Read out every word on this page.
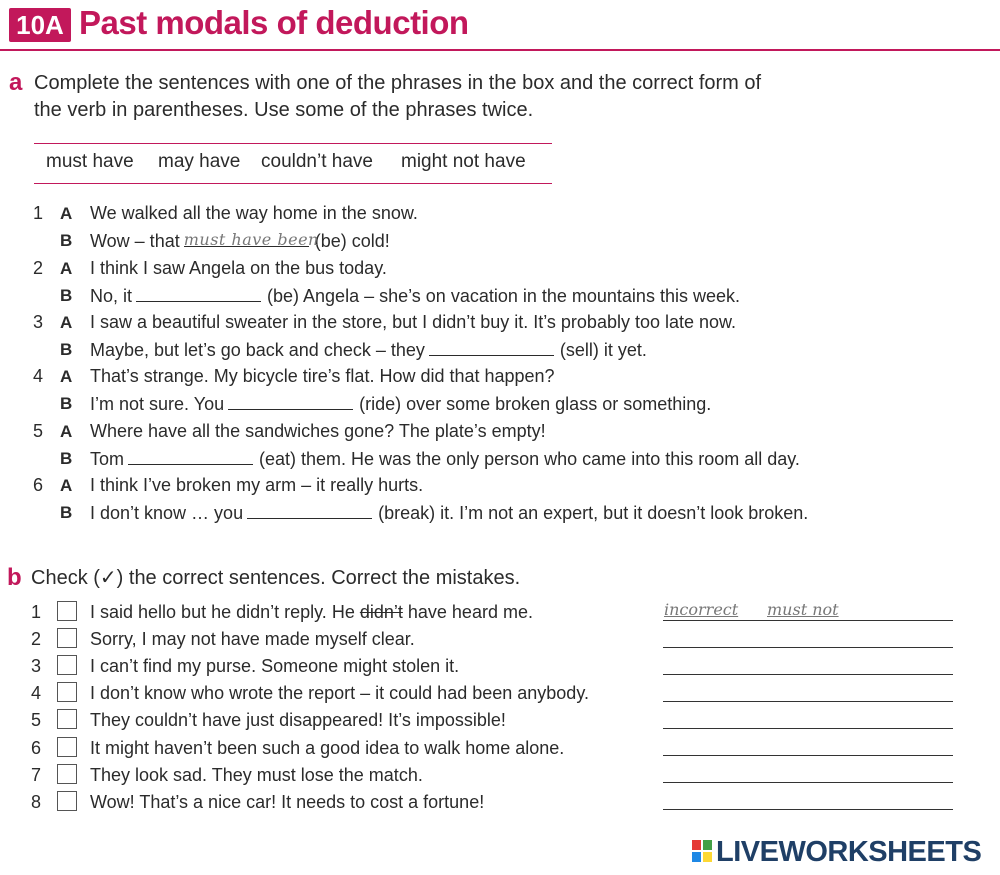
10A Past modals of deduction
a Complete the sentences with one of the phrases in the box and the correct form of
the verb in parentheses. Use some of the phrases twice.
must have may have couldn’t have might not have
1 A We walked all the way home in the snow.
B Wow – that must have been
(be) cold!
2 A I think I saw Angela on the bus today.
B No, it	(be) Angela – she’s on vacation in the mountains this week.
3 A I saw a beautiful sweater in the store, but I didn’t buy it. It’s probably too late now.
B Maybe, but let’s go back and check – they	(sell) it yet.
4 A That’s strange. My bicycle tire’s flat. How did that happen?
B I’m not sure. You	(ride) over some broken glass or something.
5 A Where have all the sandwiches gone? The plate’s empty!
B Tom	(eat) them. He was the only person who came into this room all day.
6 A I think I’ve broken my arm – it really hurts.
B I don’t know … you	(break) it. I’m not an expert, but it doesn’t look broken.
b Check (✓) the correct sentences. Correct the mistakes.
1	I said hello but he didn’t reply. He didn’t have heard me.	incorrect must not
2	Sorry, I may not have made myself clear.
3	I can’t find my purse. Someone might stolen it.
4	I don’t know who wrote the report – it could had been anybody.
5	They couldn’t have just disappeared! It’s impossible!
6	It might haven’t been such a good idea to walk home alone.
7	They look sad. They must lose the match.
8	Wow! That’s a nice car! It needs to cost a fortune!
LIVEWORKSHEETS
